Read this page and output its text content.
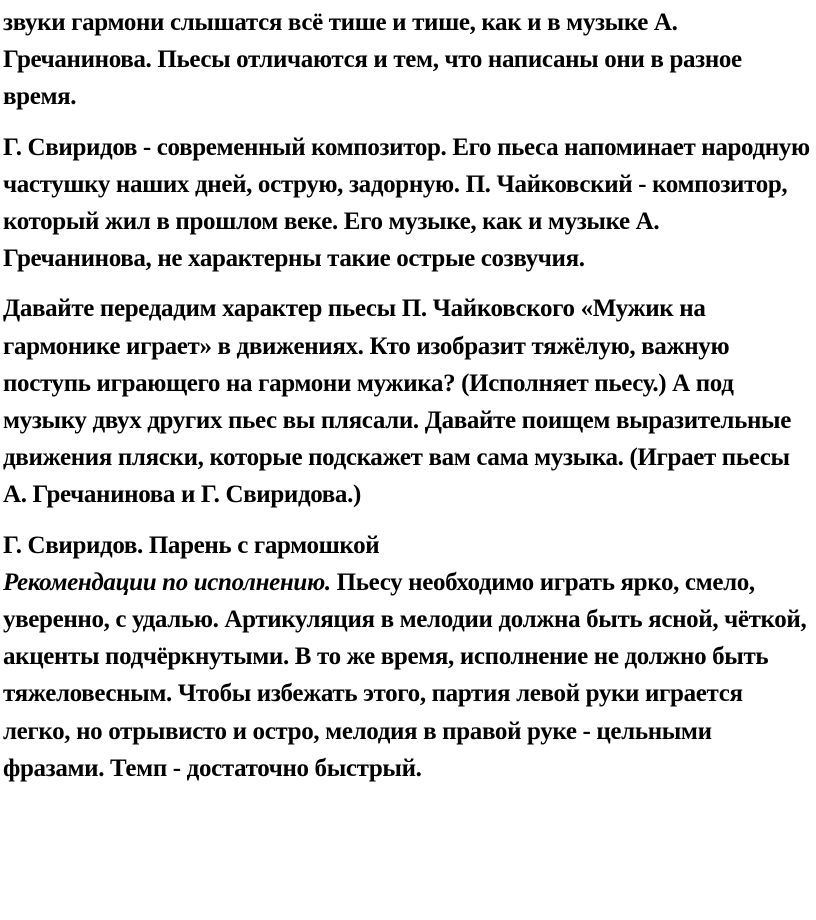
звуки гармони слышатся всё тише и тише, как и в музыке А. Гречанинова. Пьесы отличаются и тем, что написаны они в разное время.

Г. Свиридов - современный композитор. Его пьеса напоминает народную частушку наших дней, острую, задорную. П. Чайковский - композитор, который жил в прошлом веке. Его музыке, как и музыке А. Гречанинова, не характерны такие острые созвучия.

Давайте передадим характер пьесы П. Чайковского «Мужик на гармонике играет» в движениях. Кто изобразит тяжёлую, важную поступь играющего на гармони мужика? (Исполняет пьесу.) А под музыку двух других пьес вы плясали. Давайте поищем выразительные движения пляски, которые подскажет вам сама музыка. (Играет пьесы А. Гречанинова и Г. Свиридова.)

Г. Свиридов. Парень с гармошкой

Рекомендации по исполнению. Пьесу необходимо играть ярко, смело, уверенно, с удалью. Артикуляция в мелодии должна быть ясной, чёткой, акценты подчёркнутыми. В то же время, исполнение не должно быть тяжеловесным. Чтобы избежать этого, партия левой руки играется легко, но отрывисто и остро, мелодия в правой руке - цельными фразами. Темп - достаточно быстрый.
